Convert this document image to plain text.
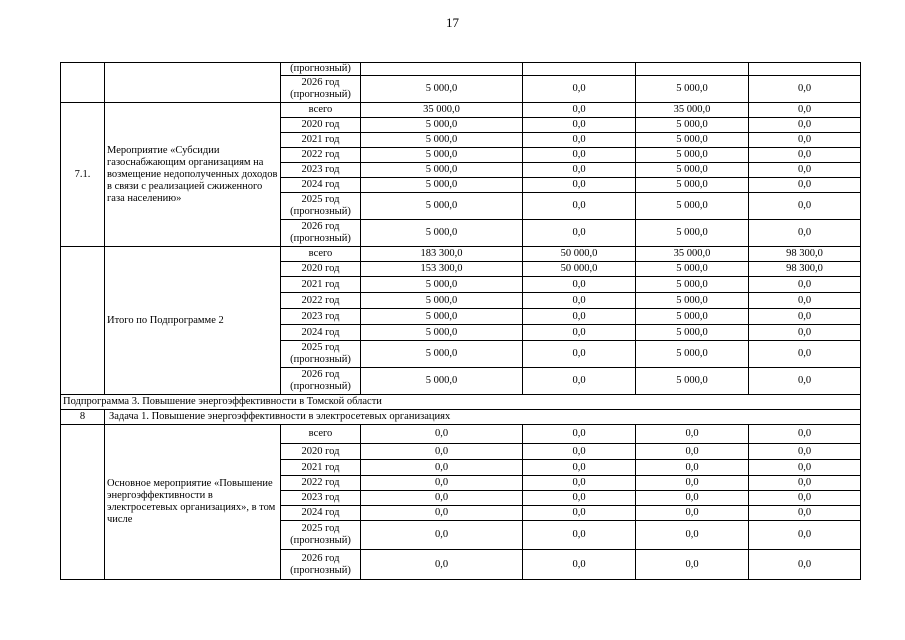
17
		(прогнозный)				
		2026 год (прогнозный)	5 000,0	0,0	5 000,0	0,0
7.1.	Мероприятие «Субсидии газоснабжающим организациям на возмещение недополученных доходов в связи с реализацией сжиженного газа населению»	всего	35 000,0	0,0	35 000,0	0,0
		2020 год	5 000,0	0,0	5 000,0	0,0
		2021 год	5 000,0	0,0	5 000,0	0,0
		2022 год	5 000,0	0,0	5 000,0	0,0
		2023 год	5 000,0	0,0	5 000,0	0,0
		2024 год	5 000,0	0,0	5 000,0	0,0
		2025 год (прогнозный)	5 000,0	0,0	5 000,0	0,0
		2026 год (прогнозный)	5 000,0	0,0	5 000,0	0,0
	Итого по Подпрограмме 2	всего	183 300,0	50 000,0	35 000,0	98 300,0
		2020 год	153 300,0	50 000,0	5 000,0	98 300,0
		2021 год	5 000,0	0,0	5 000,0	0,0
		2022 год	5 000,0	0,0	5 000,0	0,0
		2023 год	5 000,0	0,0	5 000,0	0,0
		2024 год	5 000,0	0,0	5 000,0	0,0
		2025 год (прогнозный)	5 000,0	0,0	5 000,0	0,0
		2026 год (прогнозный)	5 000,0	0,0	5 000,0	0,0
Подпрограмма 3. Повышение энергоэффективности в Томской области						
8	Задача 1. Повышение энергоэффективности в электросетевых организациях					
	Основное мероприятие «Повышение энергоэффективности в электросетевых организациях», в том числе	всего	0,0	0,0	0,0	0,0
		2020 год	0,0	0,0	0,0	0,0
		2021 год	0,0	0,0	0,0	0,0
		2022 год	0,0	0,0	0,0	0,0
		2023 год	0,0	0,0	0,0	0,0
		2024 год	0,0	0,0	0,0	0,0
		2025 год (прогнозный)	0,0	0,0	0,0	0,0
		2026 год (прогнозный)	0,0	0,0	0,0	0,0
